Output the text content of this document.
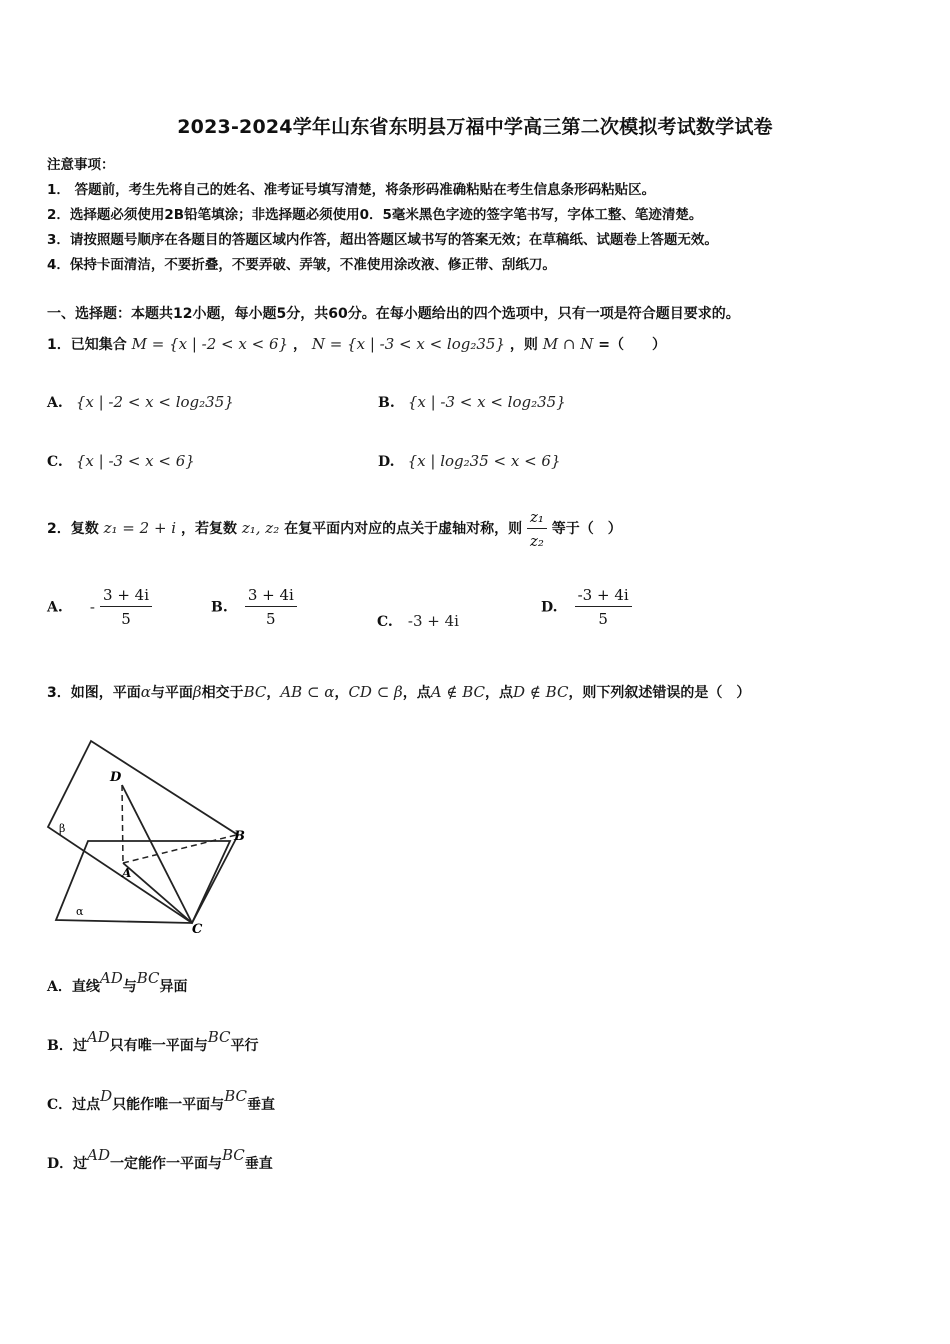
2023-2024学年山东省东明县万福中学高三第二次模拟考试数学试卷
注意事项：
1． 答题前，考生先将自己的姓名、准考证号填写清楚，将条形码准确粘贴在考生信息条形码粘贴区。
2．选择题必须使用2B铅笔填涂；非选择题必须使用0．5毫米黑色字迹的签字笔书写，字体工整、笔迹清楚。
3．请按照题号顺序在各题目的答题区域内作答，超出答题区域书写的答案无效；在草稿纸、试题卷上答题无效。
4．保持卡面清洁，不要折叠，不要弄破、弄皱，不准使用涂改液、修正带、刮纸刀。
一、选择题：本题共12小题，每小题5分，共60分。在每小题给出的四个选项中，只有一项是符合题目要求的。
1．已知集合 M = {x | -2 < x < 6} ， N = {x | -3 < x < log₂35} ，则 M ∩ N =（　　）
A. {x | -2 < x < log₂35}	B. {x | -3 < x < log₂35}
C. {x | -3 < x < 6}	D. {x | log₂35 < x < 6}
2．复数 z₁ = 2 + i ，若复数 z₁, z₂ 在复平面内对应的点关于虚轴对称，则 $\frac{\text{z₁}}{\text{z₂}}$ 等于（　）
A. - $\frac{3 + 4i}{5}$	B. $\frac{3 + 4i}{5}$	C. -3 + 4i
D. $\frac{-3 + 4i}{5}$
3．如图，平面α与平面β相交于BC，AB ⊂ α，CD ⊂ β，点A ∉ BC，点D ∉ BC，则下列叙述错误的是（　）
D
B
A
C
β
α
A．直线AD与BC异面
B．过AD只有唯一平面与BC平行
C．过点D只能作唯一平面与BC垂直
D．过AD一定能作一平面与BC垂直
